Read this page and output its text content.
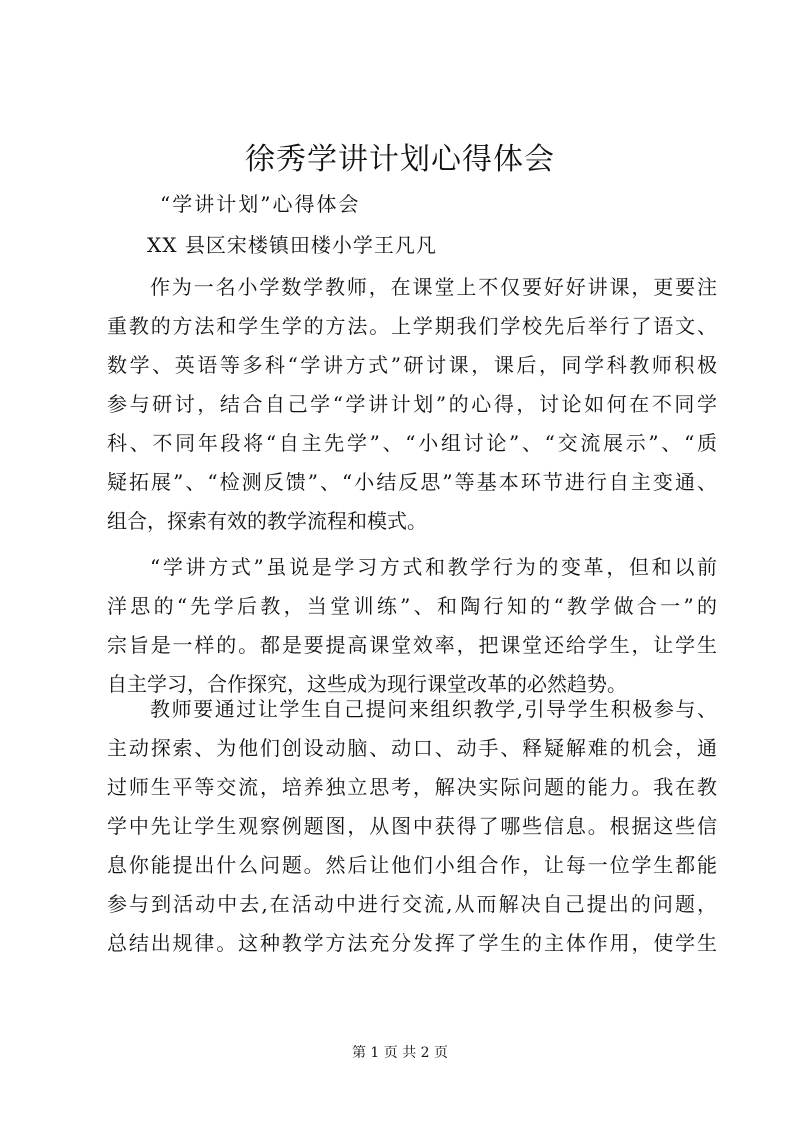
徐秀学讲计划心得体会

“学讲计划”心得体会

XX 县区宋楼镇田楼小学王凡凡

作为一名小学数学教师，在课堂上不仅要好好讲课，更要注
重教的方法和学生学的方法。上学期我们学校先后举行了语文、
数学、英语等多科“学讲方式”研讨课，课后，同学科教师积极
参与研讨，结合自己学“学讲计划”的心得，讨论如何在不同学
科、不同年段将“自主先学”、“小组讨论”、“交流展示”、“质
疑拓展”、“检测反馈”、“小结反思”等基本环节进行自主变通、
组合，探索有效的教学流程和模式。
“学讲方式”虽说是学习方式和教学行为的变革，但和以前
洋思的“先学后教，当堂训练”、和陶行知的“教学做合一”的
宗旨是一样的。都是要提高课堂效率，把课堂还给学生，让学生
自主学习，合作探究，这些成为现行课堂改革的必然趋势。
教师要通过让学生自己提问来组织教学,引导学生积极参与、
主动探索、为他们创设动脑、动口、动手、释疑解难的机会，通
过师生平等交流，培养独立思考，解决实际问题的能力。我在教
学中先让学生观察例题图，从图中获得了哪些信息。根据这些信
息你能提出什么问题。然后让他们小组合作，让每一位学生都能
参与到活动中去,在活动中进行交流,从而解决自己提出的问题，
总结出规律。这种教学方法充分发挥了学生的主体作用，使学生

第 1 页 共 2 页
